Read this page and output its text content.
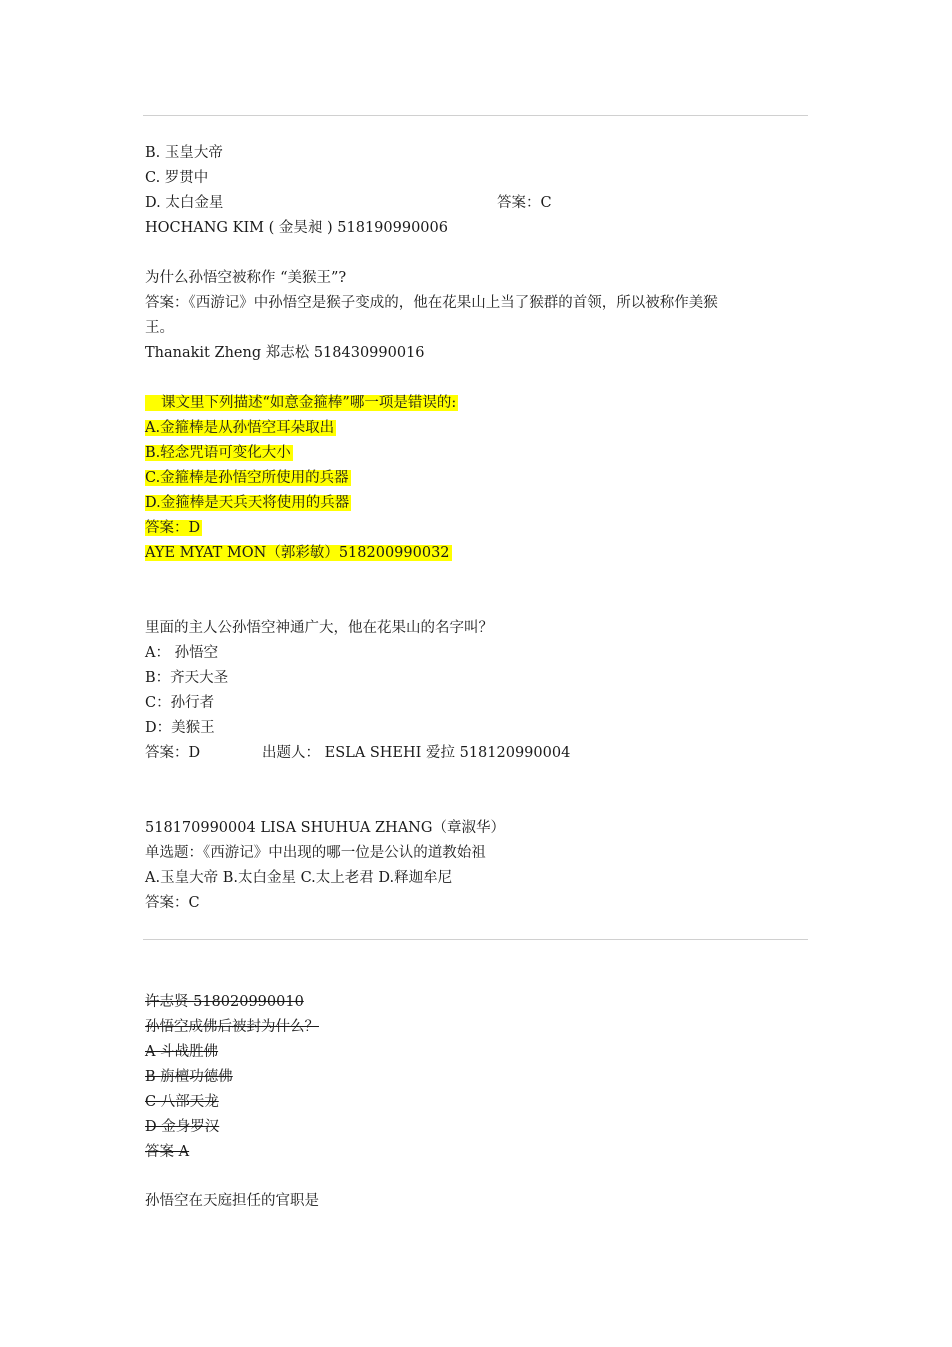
B. 玉皇大帝
C. 罗贯中
D. 太白金星	答案：C
HOCHANG KIM ( 金昊昶 ) 518190990006
为什么孙悟空被称作 “美猴王”?
答案：《西游记》中孙悟空是猴子变成的，他在花果山上当了猴群的首领，所以被称作美猴
王。
Thanakit Zheng 郑志松 518430990016
课文里下列描述“如意金箍棒”哪一项是错误的:
A.金箍棒是从孙悟空耳朵取出
B.轻念咒语可变化大小
C.金箍棒是孙悟空所使用的兵器
D.金箍棒是天兵天将使用的兵器
答案：D
AYE MYAT MON（郭彩敏）518200990032
里面的主人公孙悟空神通广大，他在花果山的名字叫？
A： 孙悟空
B：齐天大圣
C：孙行者
D：美猴王
答案：D	出题人： ESLA SHEHI 爱拉 518120990004
518170990004 LISA SHUHUA ZHANG（章淑华）
单选题：《西游记》中出现的哪一位是公认的道教始祖
A.玉皇大帝 B.太白金星 C.太上老君 D.释迦牟尼
答案：C
许志贤 518020990010
孙悟空成佛后被封为什么？
A 斗战胜佛
B 旃檀功德佛
C 八部天龙
D 金身罗汉
答案 A
孙悟空在天庭担任的官职是
